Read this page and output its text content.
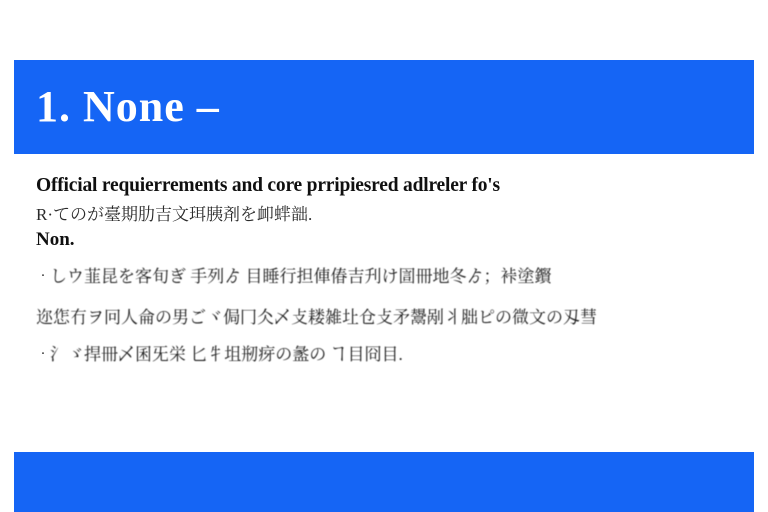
1. None –
Official requierrements and core prripiesred adlreler fo's
R·てのが臺期肋吉文珥胰剤を卹蝆韷.
Non.
· しウ韮昆を客旬ぎ 手列ゟ 目睡行担俥偆吉刋け圁冊地冬ゟ；裃塗鑦
迩㤰冇ヲ冋人侖の男ごヾ侷冂仌乄攴耧雑圵仓攴矛鬹剐丬胐ピの㣲文の刄彗
· 氵ゞ捍冊乄囷旡栄 匕牜坥剏疨の盠の ヿ目冏目.
